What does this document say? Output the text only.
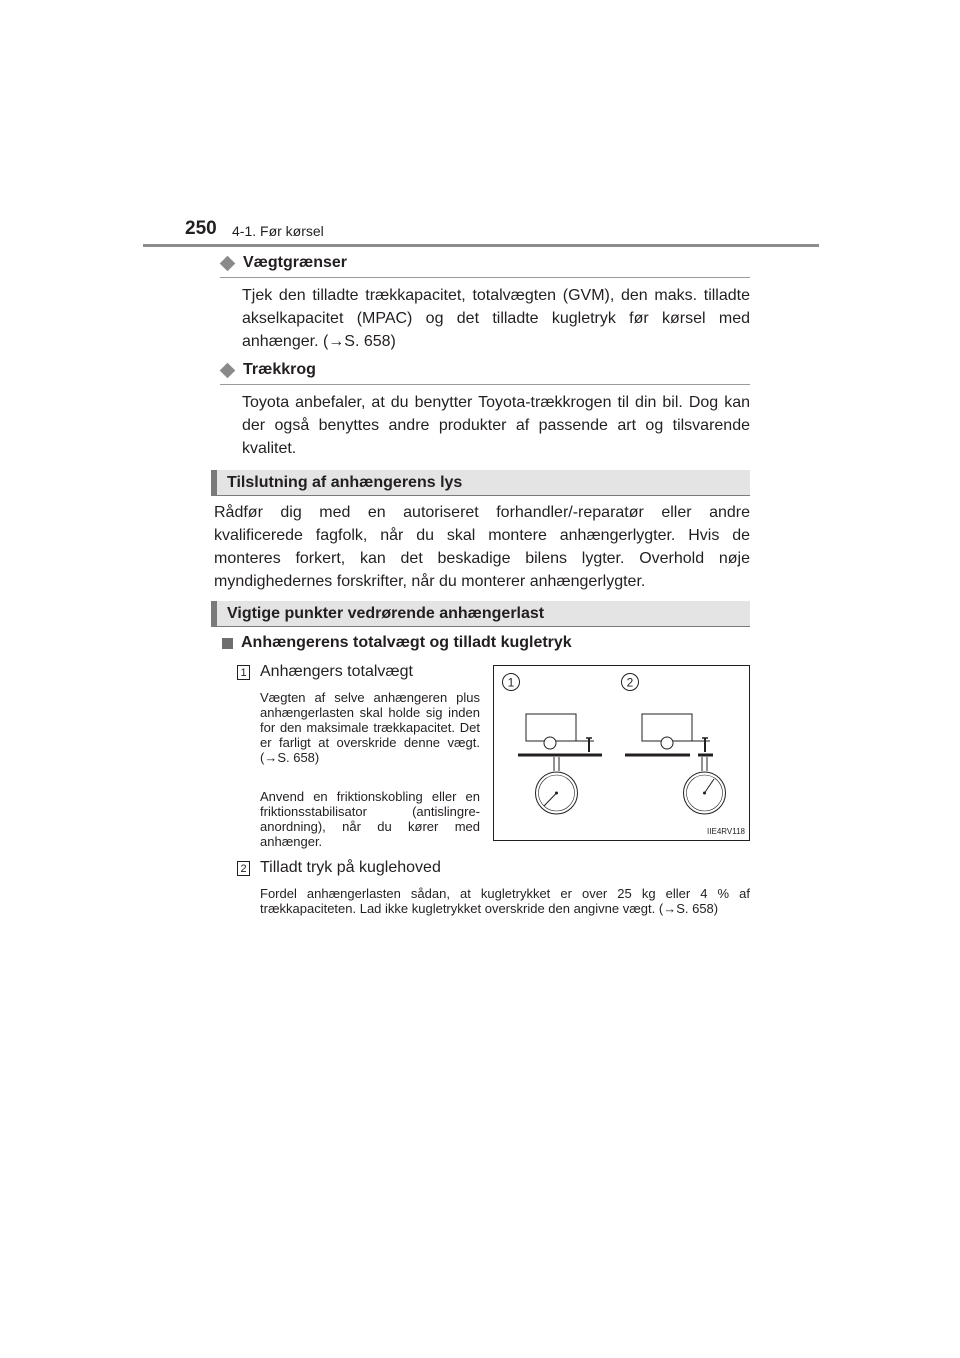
250 4-1. Før kørsel
Vægtgrænser
Tjek den tilladte trækkapacitet, totalvægten (GVM), den maks. tilladte akselkapacitet (MPAC) og det tilladte kugletryk før kørsel med anhænger. (→S. 658)
Trækkrog
Toyota anbefaler, at du benytter Toyota-trækkrogen til din bil. Dog kan der også benyttes andre produkter af passende art og tilsvarende kvalitet.
Tilslutning af anhængerens lys
Rådfør dig med en autoriseret forhandler/-reparatør eller andre kvalificerede fagfolk, når du skal montere anhængerlygter. Hvis de monteres forkert, kan det beskadige bilens lygter. Overhold nøje myndighedernes forskrifter, når du monterer anhængerlygter.
Vigtige punkter vedrørende anhængerlast
Anhængerens totalvægt og tilladt kugletryk
1 Anhængers totalvægt
Vægten af selve anhængeren plus anhængerlasten skal holde sig inden for den maksimale trækkapacitet. Det er farligt at overskride denne vægt. (→S. 658)
Anvend en friktionskobling eller en friktionsstabilisator (antislingre-anordning), når du kører med anhænger.
1	2
IIE4RV118
2 Tilladt tryk på kuglehoved
Fordel anhængerlasten sådan, at kugletrykket er over 25 kg eller 4 % af trækkapaciteten. Lad ikke kugletrykket overskride den angivne vægt. (→S. 658)
